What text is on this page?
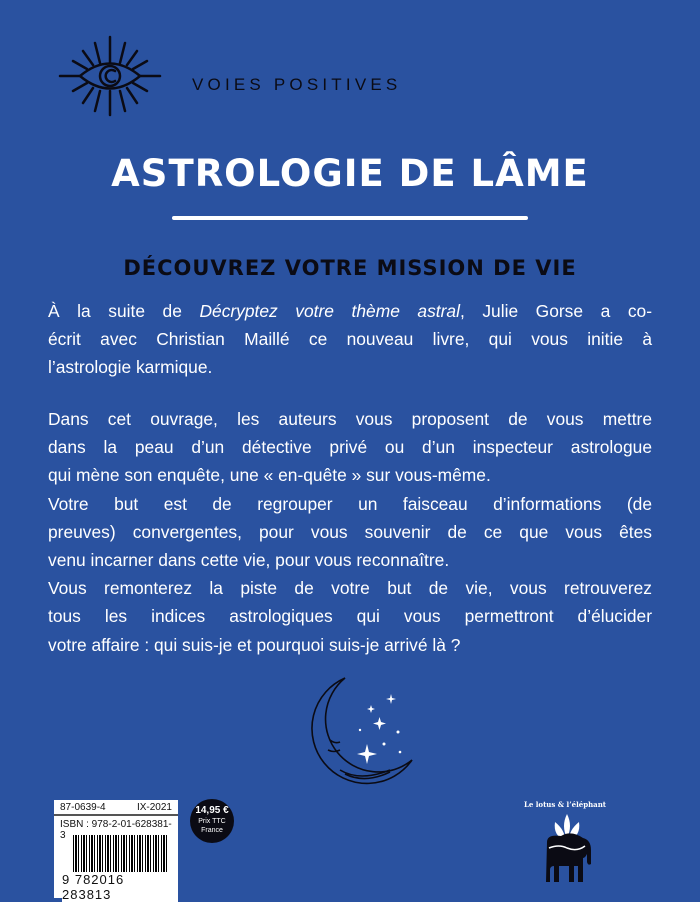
VOIES POSITIVES
ASTROLOGIE DE LÂME
DÉCOUVREZ VOTRE MISSION DE VIE
À la suite de Décryptez votre thème astral, Julie Gorse a co-
écrit avec Christian Maillé ce nouveau livre, qui vous initie à
l’astrologie karmique.
Dans cet ouvrage, les auteurs vous proposent de vous mettre
dans la peau d’un détective privé ou d’un inspecteur astrologue
qui mène son enquête, une « en-quête » sur vous-même.
Votre but est de regrouper un faisceau d’informations (de
preuves) convergentes, pour vous souvenir de ce que vous êtes
venu incarner dans cette vie, pour vous reconnaître.
Vous remonterez la piste de votre but de vie, vous retrouverez
tous les indices astrologiques qui vous permettront d’élucider
votre affaire : qui suis-je et pourquoi suis-je arrivé là ?
87-0639-4	IX-2021
ISBN : 978-2-01-628381-3
9 782016 283813
14,95 €
Prix TTC
France
Le lotus & l’éléphant
